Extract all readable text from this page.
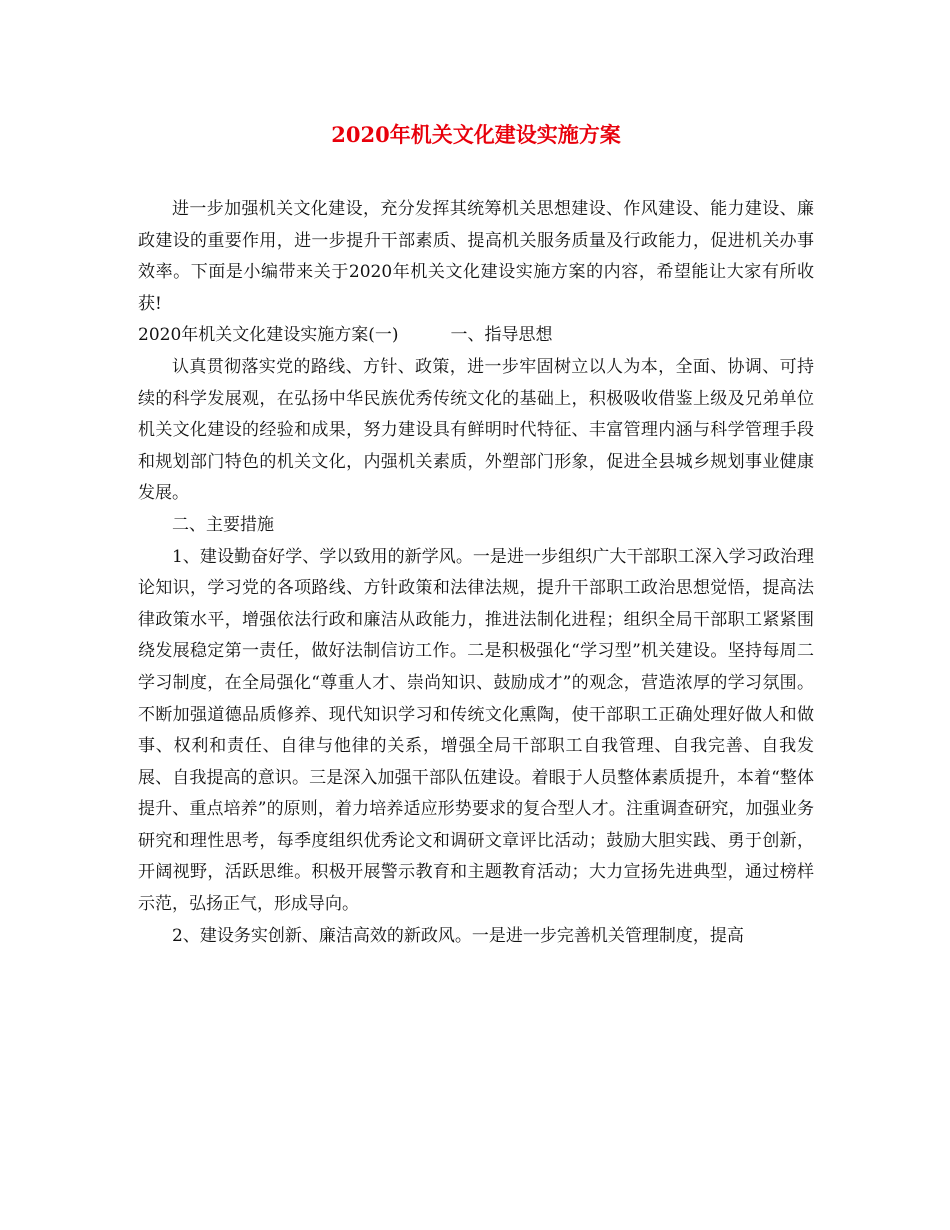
2020年机关文化建设实施方案

进一步加强机关文化建设，充分发挥其统筹机关思想建设、作风建设、能力建设、廉政建设的重要作用，进一步提升干部素质、提高机关服务质量及行政能力，促进机关办事效率。下面是小编带来关于2020年机关文化建设实施方案的内容，希望能让大家有所收获!

2020年机关文化建设实施方案(一)	一、指导思想

认真贯彻落实党的路线、方针、政策，进一步牢固树立以人为本，全面、协调、可持续的科学发展观，在弘扬中华民族优秀传统文化的基础上，积极吸收借鉴上级及兄弟单位机关文化建设的经验和成果，努力建设具有鲜明时代特征、丰富管理内涵与科学管理手段和规划部门特色的机关文化，内强机关素质，外塑部门形象，促进全县城乡规划事业健康发展。

二、主要措施

1、建设勤奋好学、学以致用的新学风。一是进一步组织广大干部职工深入学习政治理论知识，学习党的各项路线、方针政策和法律法规，提升干部职工政治思想觉悟，提高法律政策水平，增强依法行政和廉洁从政能力，推进法制化进程；组织全局干部职工紧紧围绕发展稳定第一责任，做好法制信访工作。二是积极强化“学习型”机关建设。坚持每周二学习制度，在全局强化“尊重人才、崇尚知识、鼓励成才”的观念，营造浓厚的学习氛围。不断加强道德品质修养、现代知识学习和传统文化熏陶，使干部职工正确处理好做人和做事、权利和责任、自律与他律的关系，增强全局干部职工自我管理、自我完善、自我发展、自我提高的意识。三是深入加强干部队伍建设。着眼于人员整体素质提升，本着“整体提升、重点培养”的原则，着力培养适应形势要求的复合型人才。注重调查研究，加强业务研究和理性思考，每季度组织优秀论文和调研文章评比活动；鼓励大胆实践、勇于创新，开阔视野，活跃思维。积极开展警示教育和主题教育活动；大力宣扬先进典型，通过榜样示范，弘扬正气，形成导向。

2、建设务实创新、廉洁高效的新政风。一是进一步完善机关管理制度，提高
